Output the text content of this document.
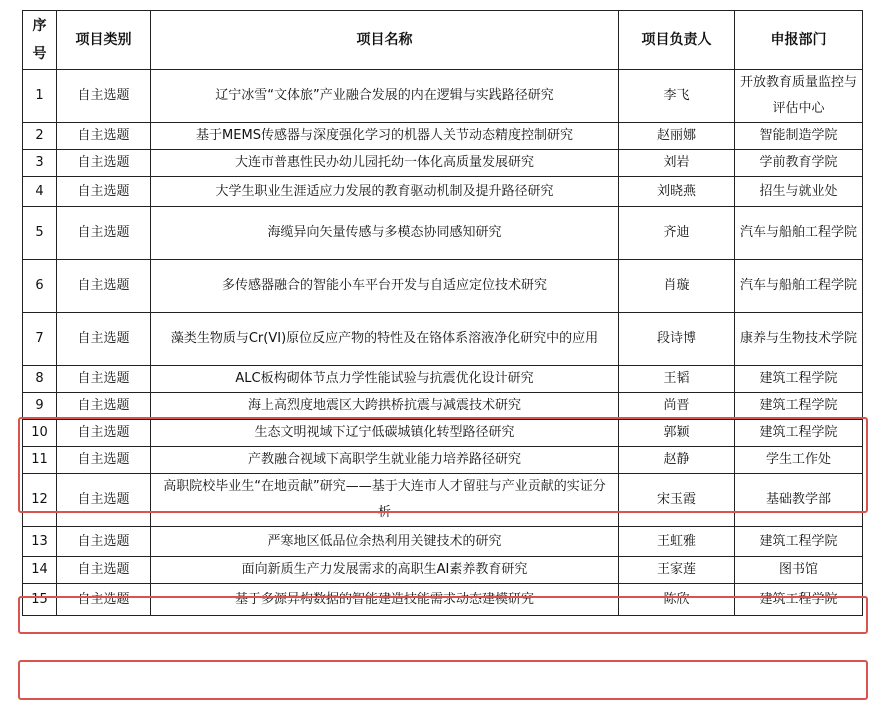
序号	项目类别	项目名称	项目负责人	申报部门
1	自主选题	辽宁冰雪“文体旅”产业融合发展的内在逻辑与实践路径研究	李飞	开放教育质量监控与评估中心
2	自主选题	基于MEMS传感器与深度强化学习的机器人关节动态精度控制研究	赵丽娜	智能制造学院
3	自主选题	大连市普惠性民办幼儿园托幼一体化高质量发展研究	刘岩	学前教育学院
4	自主选题	大学生职业生涯适应力发展的教育驱动机制及提升路径研究	刘晓燕	招生与就业处
5	自主选题	海缆异向矢量传感与多模态协同感知研究	齐迪	汽车与船舶工程学院
6	自主选题	多传感器融合的智能小车平台开发与自适应定位技术研究	肖璇	汽车与船舶工程学院
7	自主选题	藻类生物质与Cr(VI)原位反应产物的特性及在铬体系溶液净化研究中的应用	段诗博	康养与生物技术学院
8	自主选题	ALC板构砌体节点力学性能试验与抗震优化设计研究	王韬	建筑工程学院
9	自主选题	海上高烈度地震区大跨拱桥抗震与减震技术研究	尚晋	建筑工程学院
10	自主选题	生态文明视域下辽宁低碳城镇化转型路径研究	郭颖	建筑工程学院
11	自主选题	产教融合视域下高职学生就业能力培养路径研究	赵静	学生工作处
12	自主选题	高职院校毕业生“在地贡献”研究——基于大连市人才留驻与产业贡献的实证分析	宋玉霞	基础教学部
13	自主选题	严寒地区低品位余热利用关键技术的研究	王虹雅	建筑工程学院
14	自主选题	面向新质生产力发展需求的高职生AI素养教育研究	王家莲	图书馆
15	自主选题	基于多源异构数据的智能建造技能需求动态建模研究	陈欣	建筑工程学院
